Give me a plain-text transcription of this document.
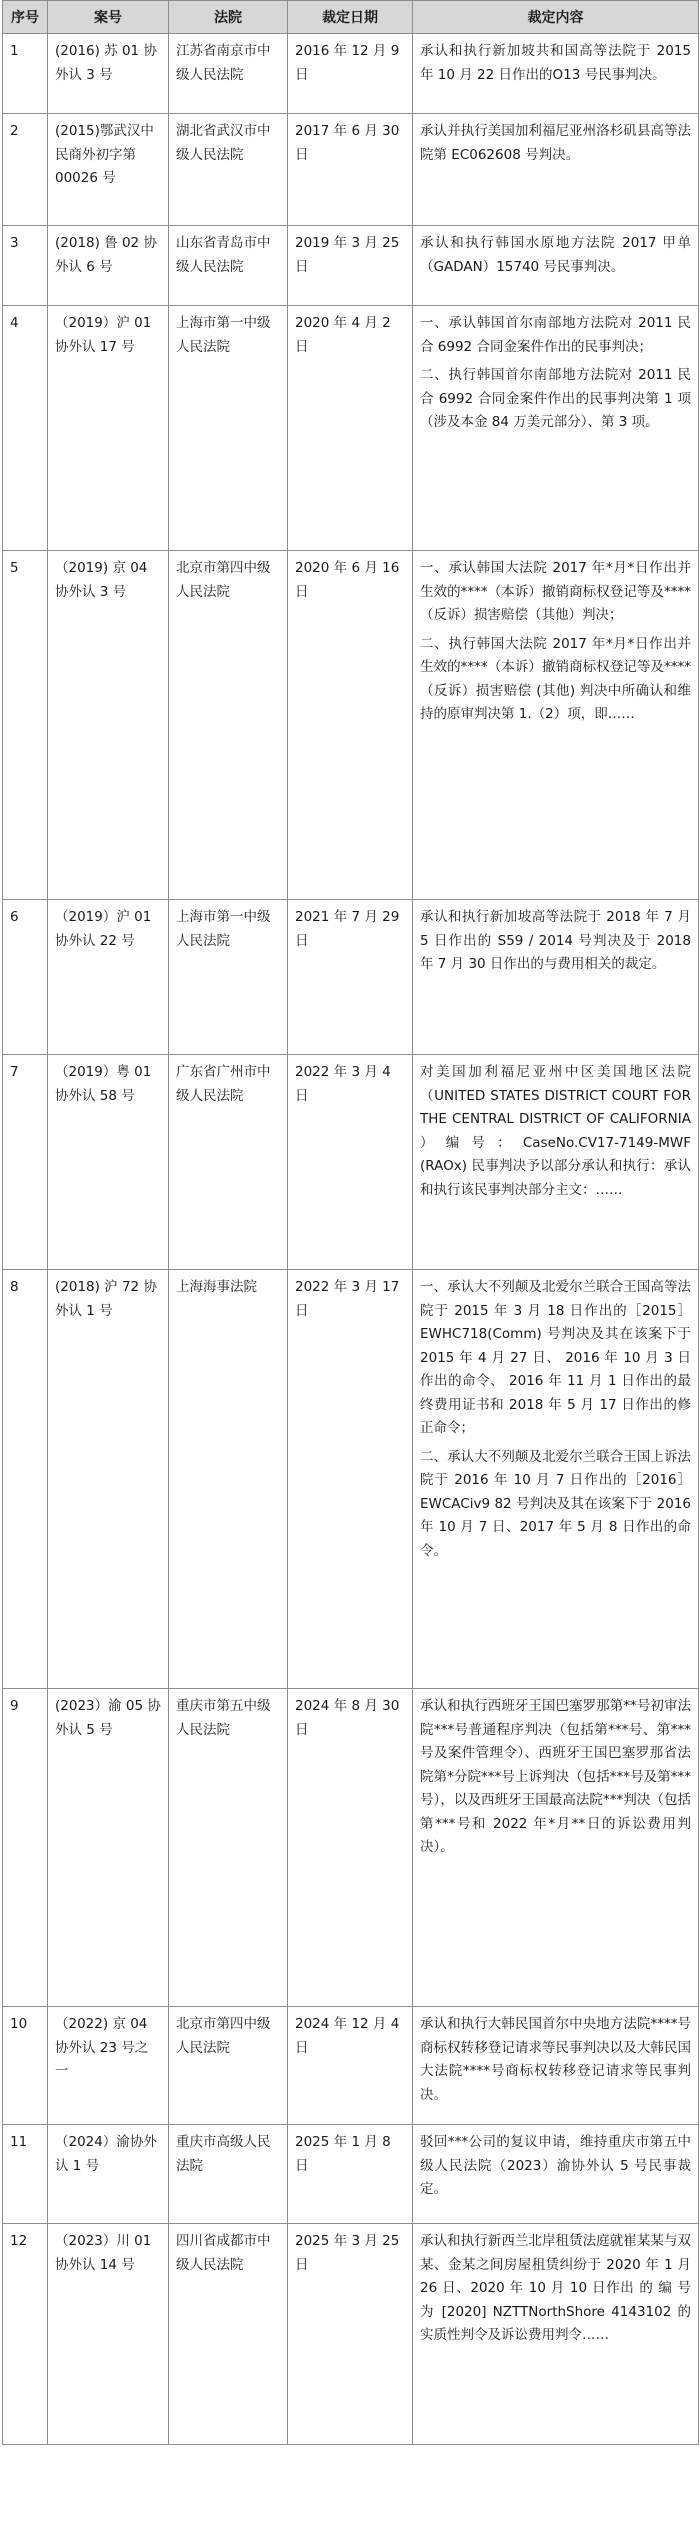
序号	案号	法院	裁定日期	裁定内容
1	(2016) 苏 01 协外认 3 号	江苏省南京市中级人民法院	2016 年 12 月 9 日	承认和执行新加坡共和国高等法院于 2015 年 10 月 22 日作出的O13 号民事判决。

2	(2015)鄂武汉中民商外初字第 00026 号	湖北省武汉市中级人民法院	2017 年 6 月 30 日	承认并执行美国加利福尼亚州洛杉矶县高等法院第 EC062608 号判决。

3	(2018) 鲁 02 协外认 6 号	山东省青岛市中级人民法院	2019 年 3 月 25 日	承认和执行韩国水原地方法院 2017 甲单（GADAN）15740 号民事判决。

4	（2019）沪 01 协外认 17 号	上海市第一中级人民法院	2020 年 4 月 2 日	一、承认韩国首尔南部地方法院对 2011 民合 6992 合同金案件作出的民事判决；

二、执行韩国首尔南部地方法院对 2011 民合 6992 合同金案件作出的民事判决第 1 项（涉及本金 84 万美元部分）、第 3 项。

5	（2019) 京 04 协外认 3 号	北京市第四中级人民法院	2020 年 6 月 16 日	一、承认韩国大法院 2017 年*月*日作出并生效的****（本诉）撤销商标权登记等及****（反诉）损害赔偿（其他）判决；

二、执行韩国大法院 2017 年*月*日作出并生效的****（本诉）撤销商标权登记等及****（反诉）损害赔偿 (其他) 判决中所确认和维持的原审判决第 1.（2）项，即……

6	（2019）沪 01 协外认 22 号	上海市第一中级人民法院	2021 年 7 月 29 日	承认和执行新加坡高等法院于 2018 年 7 月 5 日作出的 S59 / 2014 号判决及于 2018 年 7 月 30 日作出的与费用相关的裁定。

7	（2019）粤 01 协外认 58 号	广东省广州市中级人民法院	2022 年 3 月 4 日	对美国加利福尼亚州中区美国地区法院（UNITED STATES DISTRICT COURT FOR THE CENTRAL DISTRICT OF CALIFORNIA ） 编 号 ： CaseNo.CV17-7149-MWF (RAOx) 民事判决予以部分承认和执行：承认和执行该民事判决部分主文：……

8	(2018) 沪 72 协外认 1 号	上海海事法院	2022 年 3 月 17 日	一、承认大不列颠及北爱尔兰联合王国高等法院于 2015 年 3 月 18 日作出的［2015］EWHC718(Comm) 号判决及其在该案下于 2015 年 4 月 27 日、 2016 年 10 月 3 日作出的命令、 2016 年 11 月 1 日作出的最终费用证书和 2018 年 5 月 17 日作出的修正命令；

二、承认大不列颠及北爱尔兰联合王国上诉法院于 2016 年 10 月 7 日作出的［2016］EWCACiv9 82 号判决及其在该案下于 2016 年 10 月 7 日、2017 年 5 月 8 日作出的命令。

9	(2023）渝 05 协外认 5 号	重庆市第五中级人民法院	2024 年 8 月 30 日	承认和执行西班牙王国巴塞罗那第**号初审法院***号普通程序判决（包括第***号、第***号及案件管理令）、西班牙王国巴塞罗那省法院第*分院***号上诉判决（包括***号及第***号），以及西班牙王国最高法院***判决（包括第***号和 2022 年*月**日的诉讼费用判决）。

10	（2022) 京 04 协外认 23 号之一	北京市第四中级人民法院	2024 年 12 月 4 日	承认和执行大韩民国首尔中央地方法院****号商标权转移登记请求等民事判决以及大韩民国大法院****号商标权转移登记请求等民事判决。

11	（2024）渝协外认 1 号	重庆市高级人民法院	2025 年 1 月 8 日	驳回***公司的复议申请，维持重庆市第五中级人民法院（2023）渝协外认 5 号民事裁定。

12	（2023）川 01 协外认 14 号	四川省成都市中级人民法院	2025 年 3 月 25 日	承认和执行新西兰北岸租赁法庭就崔某某与双某、金某之间房屋租赁纠纷于 2020 年 1 月 26 日、2020 年 10 月 10 日作出 的 编 号 为 [2020] NZTTNorthShore 4143102 的实质性判令及诉讼费用判令……
